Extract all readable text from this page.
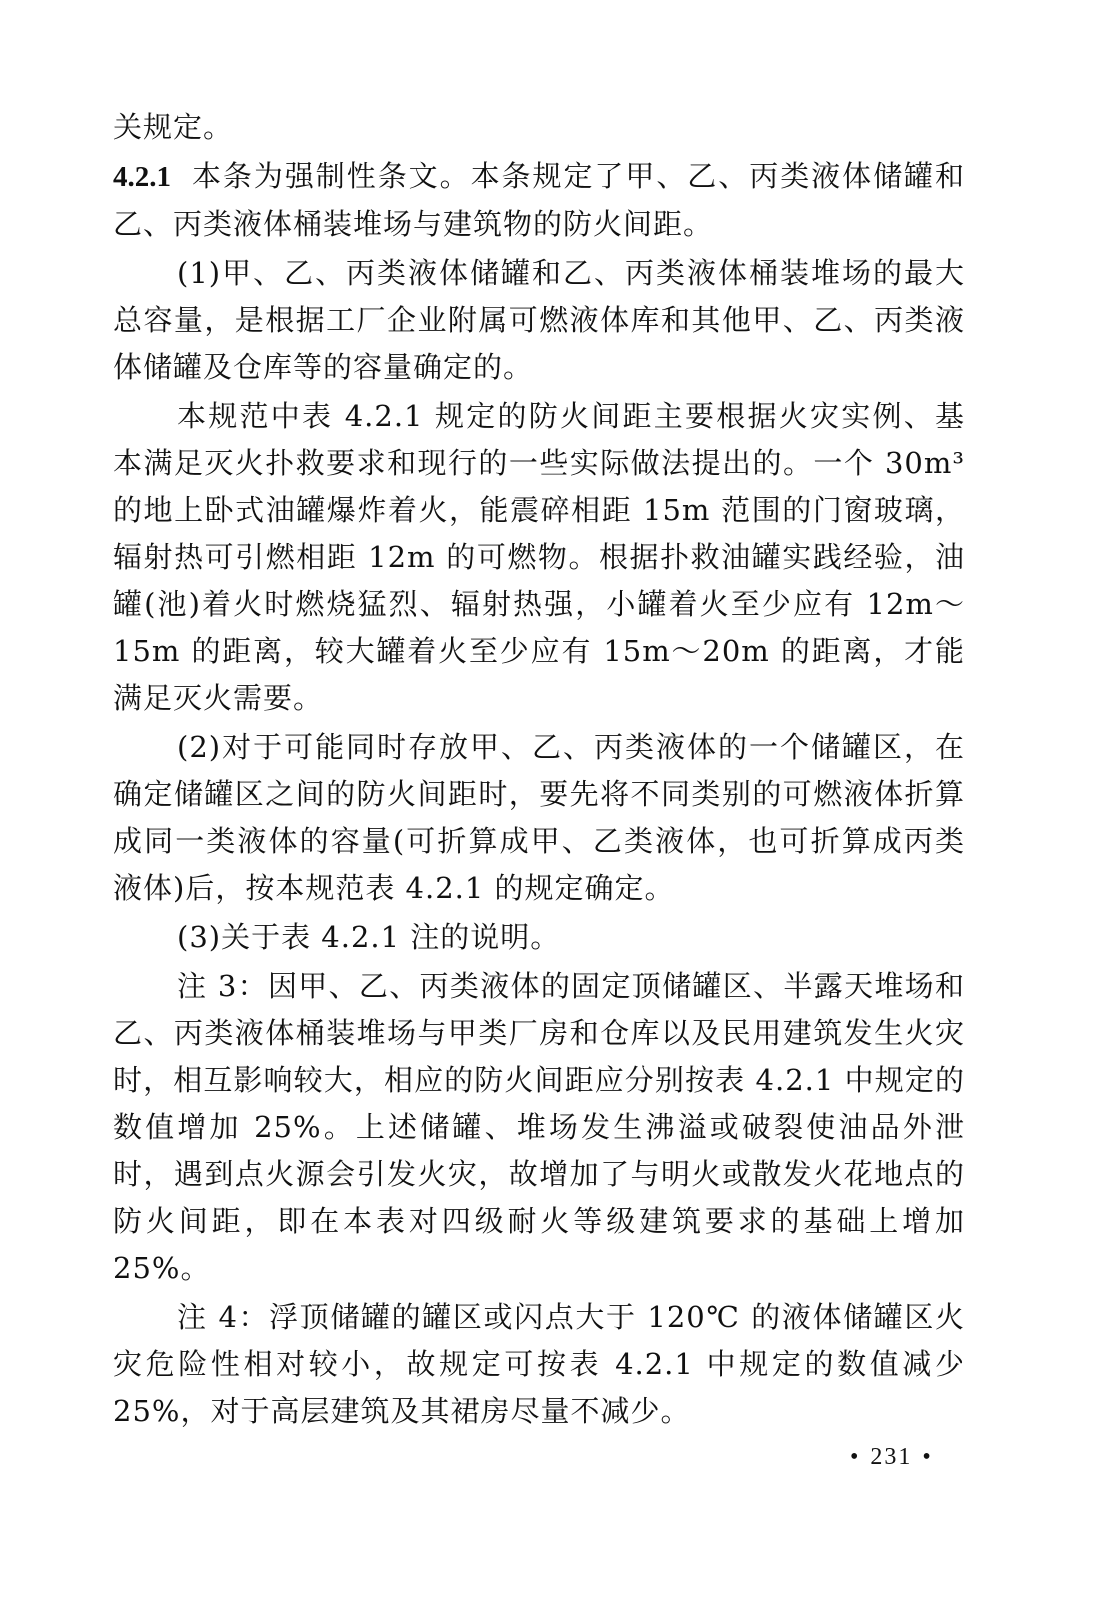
关规定。

4.2.1 本条为强制性条文。本条规定了甲、乙、丙类液体储罐和乙、丙类液体桶装堆场与建筑物的防火间距。

(1)甲、乙、丙类液体储罐和乙、丙类液体桶装堆场的最大总容量，是根据工厂企业附属可燃液体库和其他甲、乙、丙类液体储罐及仓库等的容量确定的。

本规范中表 4.2.1 规定的防火间距主要根据火灾实例、基本满足灭火扑救要求和现行的一些实际做法提出的。一个 30m³ 的地上卧式油罐爆炸着火，能震碎相距 15m 范围的门窗玻璃，辐射热可引燃相距 12m 的可燃物。根据扑救油罐实践经验，油罐(池)着火时燃烧猛烈、辐射热强，小罐着火至少应有 12m～15m 的距离，较大罐着火至少应有 15m～20m 的距离，才能满足灭火需要。

(2)对于可能同时存放甲、乙、丙类液体的一个储罐区，在确定储罐区之间的防火间距时，要先将不同类别的可燃液体折算成同一类液体的容量(可折算成甲、乙类液体，也可折算成丙类液体)后，按本规范表 4.2.1 的规定确定。

(3)关于表 4.2.1 注的说明。

注 3：因甲、乙、丙类液体的固定顶储罐区、半露天堆场和乙、丙类液体桶装堆场与甲类厂房和仓库以及民用建筑发生火灾时，相互影响较大，相应的防火间距应分别按表 4.2.1 中规定的数值增加 25%。上述储罐、堆场发生沸溢或破裂使油品外泄时，遇到点火源会引发火灾，故增加了与明火或散发火花地点的防火间距，即在本表对四级耐火等级建筑要求的基础上增加 25%。

注 4：浮顶储罐的罐区或闪点大于 120℃ 的液体储罐区火灾危险性相对较小，故规定可按表 4.2.1 中规定的数值减少 25%，对于高层建筑及其裙房尽量不减少。

• 231 •
